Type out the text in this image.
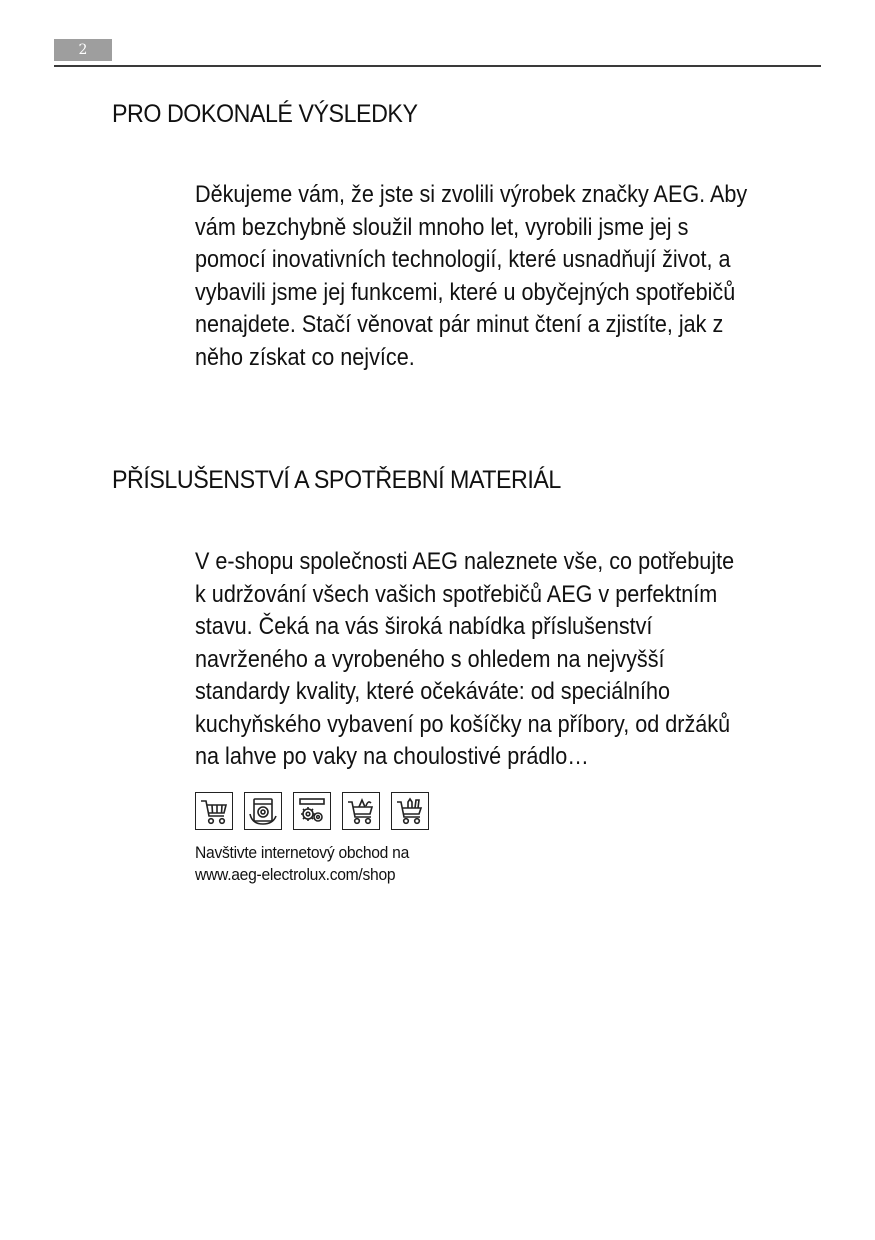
2
PRO DOKONALÉ VÝSLEDKY

Děkujeme vám, že jste si zvolili výrobek značky AEG. Aby
vám bezchybně sloužil mnoho let, vyrobili jsme jej s
pomocí inovativních technologií, které usnadňují život, a
vybavili jsme jej funkcemi, které u obyčejných spotřebičů
nenajdete. Stačí věnovat pár minut čtení a zjistíte, jak z
něho získat co nejvíce.

PŘÍSLUŠENSTVÍ A SPOTŘEBNÍ MATERIÁL

V e-shopu společnosti AEG naleznete vše, co potřebujte
k udržování všech vašich spotřebičů AEG v perfektním
stavu. Čeká na vás široká nabídka příslušenství
navrženého a vyrobeného s ohledem na nejvyšší
standardy kvality, které očekáváte: od speciálního
kuchyňského vybavení po košíčky na příbory, od držáků
na lahve po vaky na choulostivé prádlo…

Navštivte internetový obchod na
www.aeg-electrolux.com/shop
